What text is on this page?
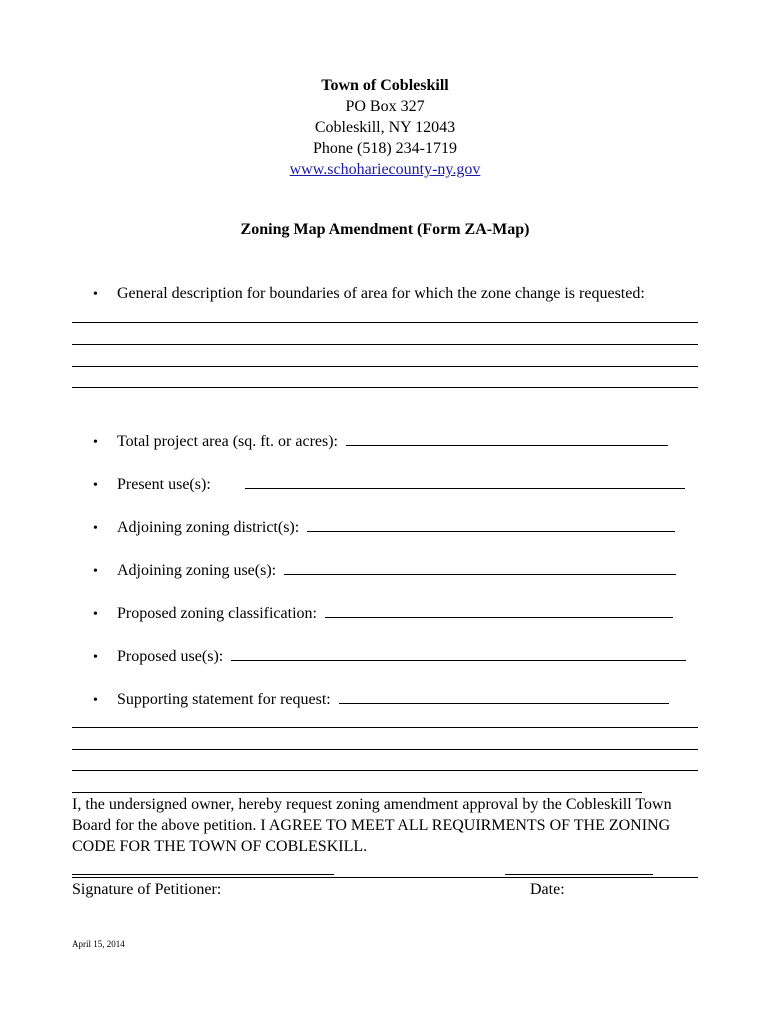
Town of Cobleskill
PO Box 327
Cobleskill, NY 12043
Phone (518) 234-1719
www.schohariecounty-ny.gov
Zoning Map Amendment (Form ZA-Map)
• General description for boundaries of area for which the zone change is requested:
• Total project area (sq. ft. or acres):
• Present use(s):
• Adjoining zoning district(s):
• Adjoining zoning use(s):
• Proposed zoning classification:
• Proposed use(s):
• Supporting statement for request:
I, the undersigned owner, hereby request zoning amendment approval by the Cobleskill Town Board for the above petition. I AGREE TO MEET ALL REQUIRMENTS OF THE ZONING CODE FOR THE TOWN OF COBLESKILL.
Signature of Petitioner:	Date:
April 15, 2014
